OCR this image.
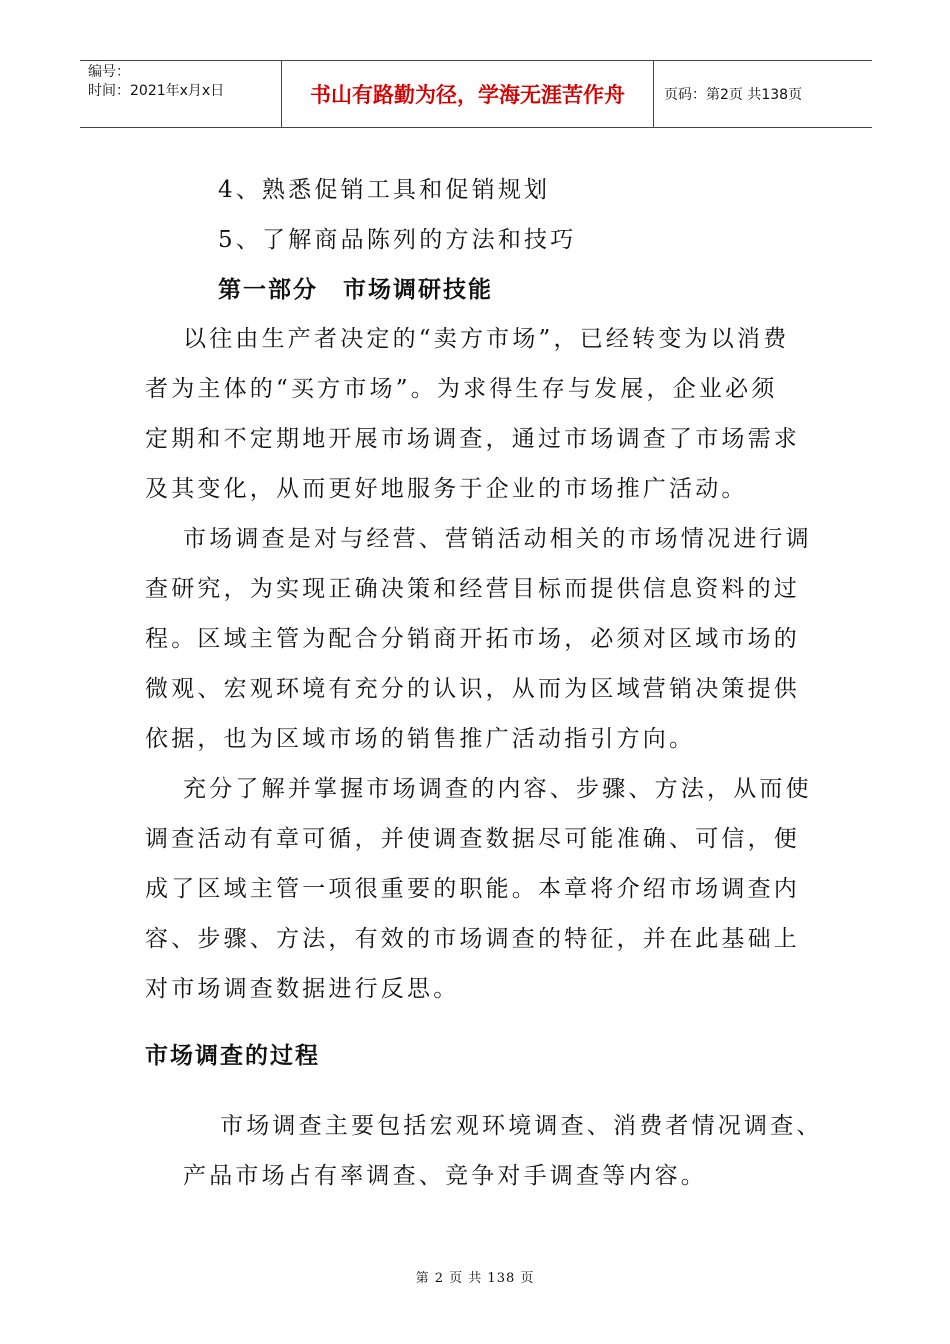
编号：
时间：2021年x月x日	书山有路勤为径，学海无涯苦作舟	页码：第2页 共138页
4、熟悉促销工具和促销规划
5、了解商品陈列的方法和技巧
第一部分　市场调研技能
以往由生产者决定的“卖方市场”，已经转变为以消费
者为主体的“买方市场”。为求得生存与发展，企业必须
定期和不定期地开展市场调查，通过市场调查了市场需求
及其变化，从而更好地服务于企业的市场推广活动。
市场调查是对与经营、营销活动相关的市场情况进行调
查研究，为实现正确决策和经营目标而提供信息资料的过
程。区域主管为配合分销商开拓市场，必须对区域市场的
微观、宏观环境有充分的认识，从而为区域营销决策提供
依据，也为区域市场的销售推广活动指引方向。
充分了解并掌握市场调查的内容、步骤、方法，从而使
调查活动有章可循，并使调查数据尽可能准确、可信，便
成了区域主管一项很重要的职能。本章将介绍市场调查内
容、步骤、方法，有效的市场调查的特征，并在此基础上
对市场调查数据进行反思。
市场调查的过程
市场调查主要包括宏观环境调查、消费者情况调查、
产品市场占有率调查、竞争对手调查等内容。
第 2 页 共 138 页
